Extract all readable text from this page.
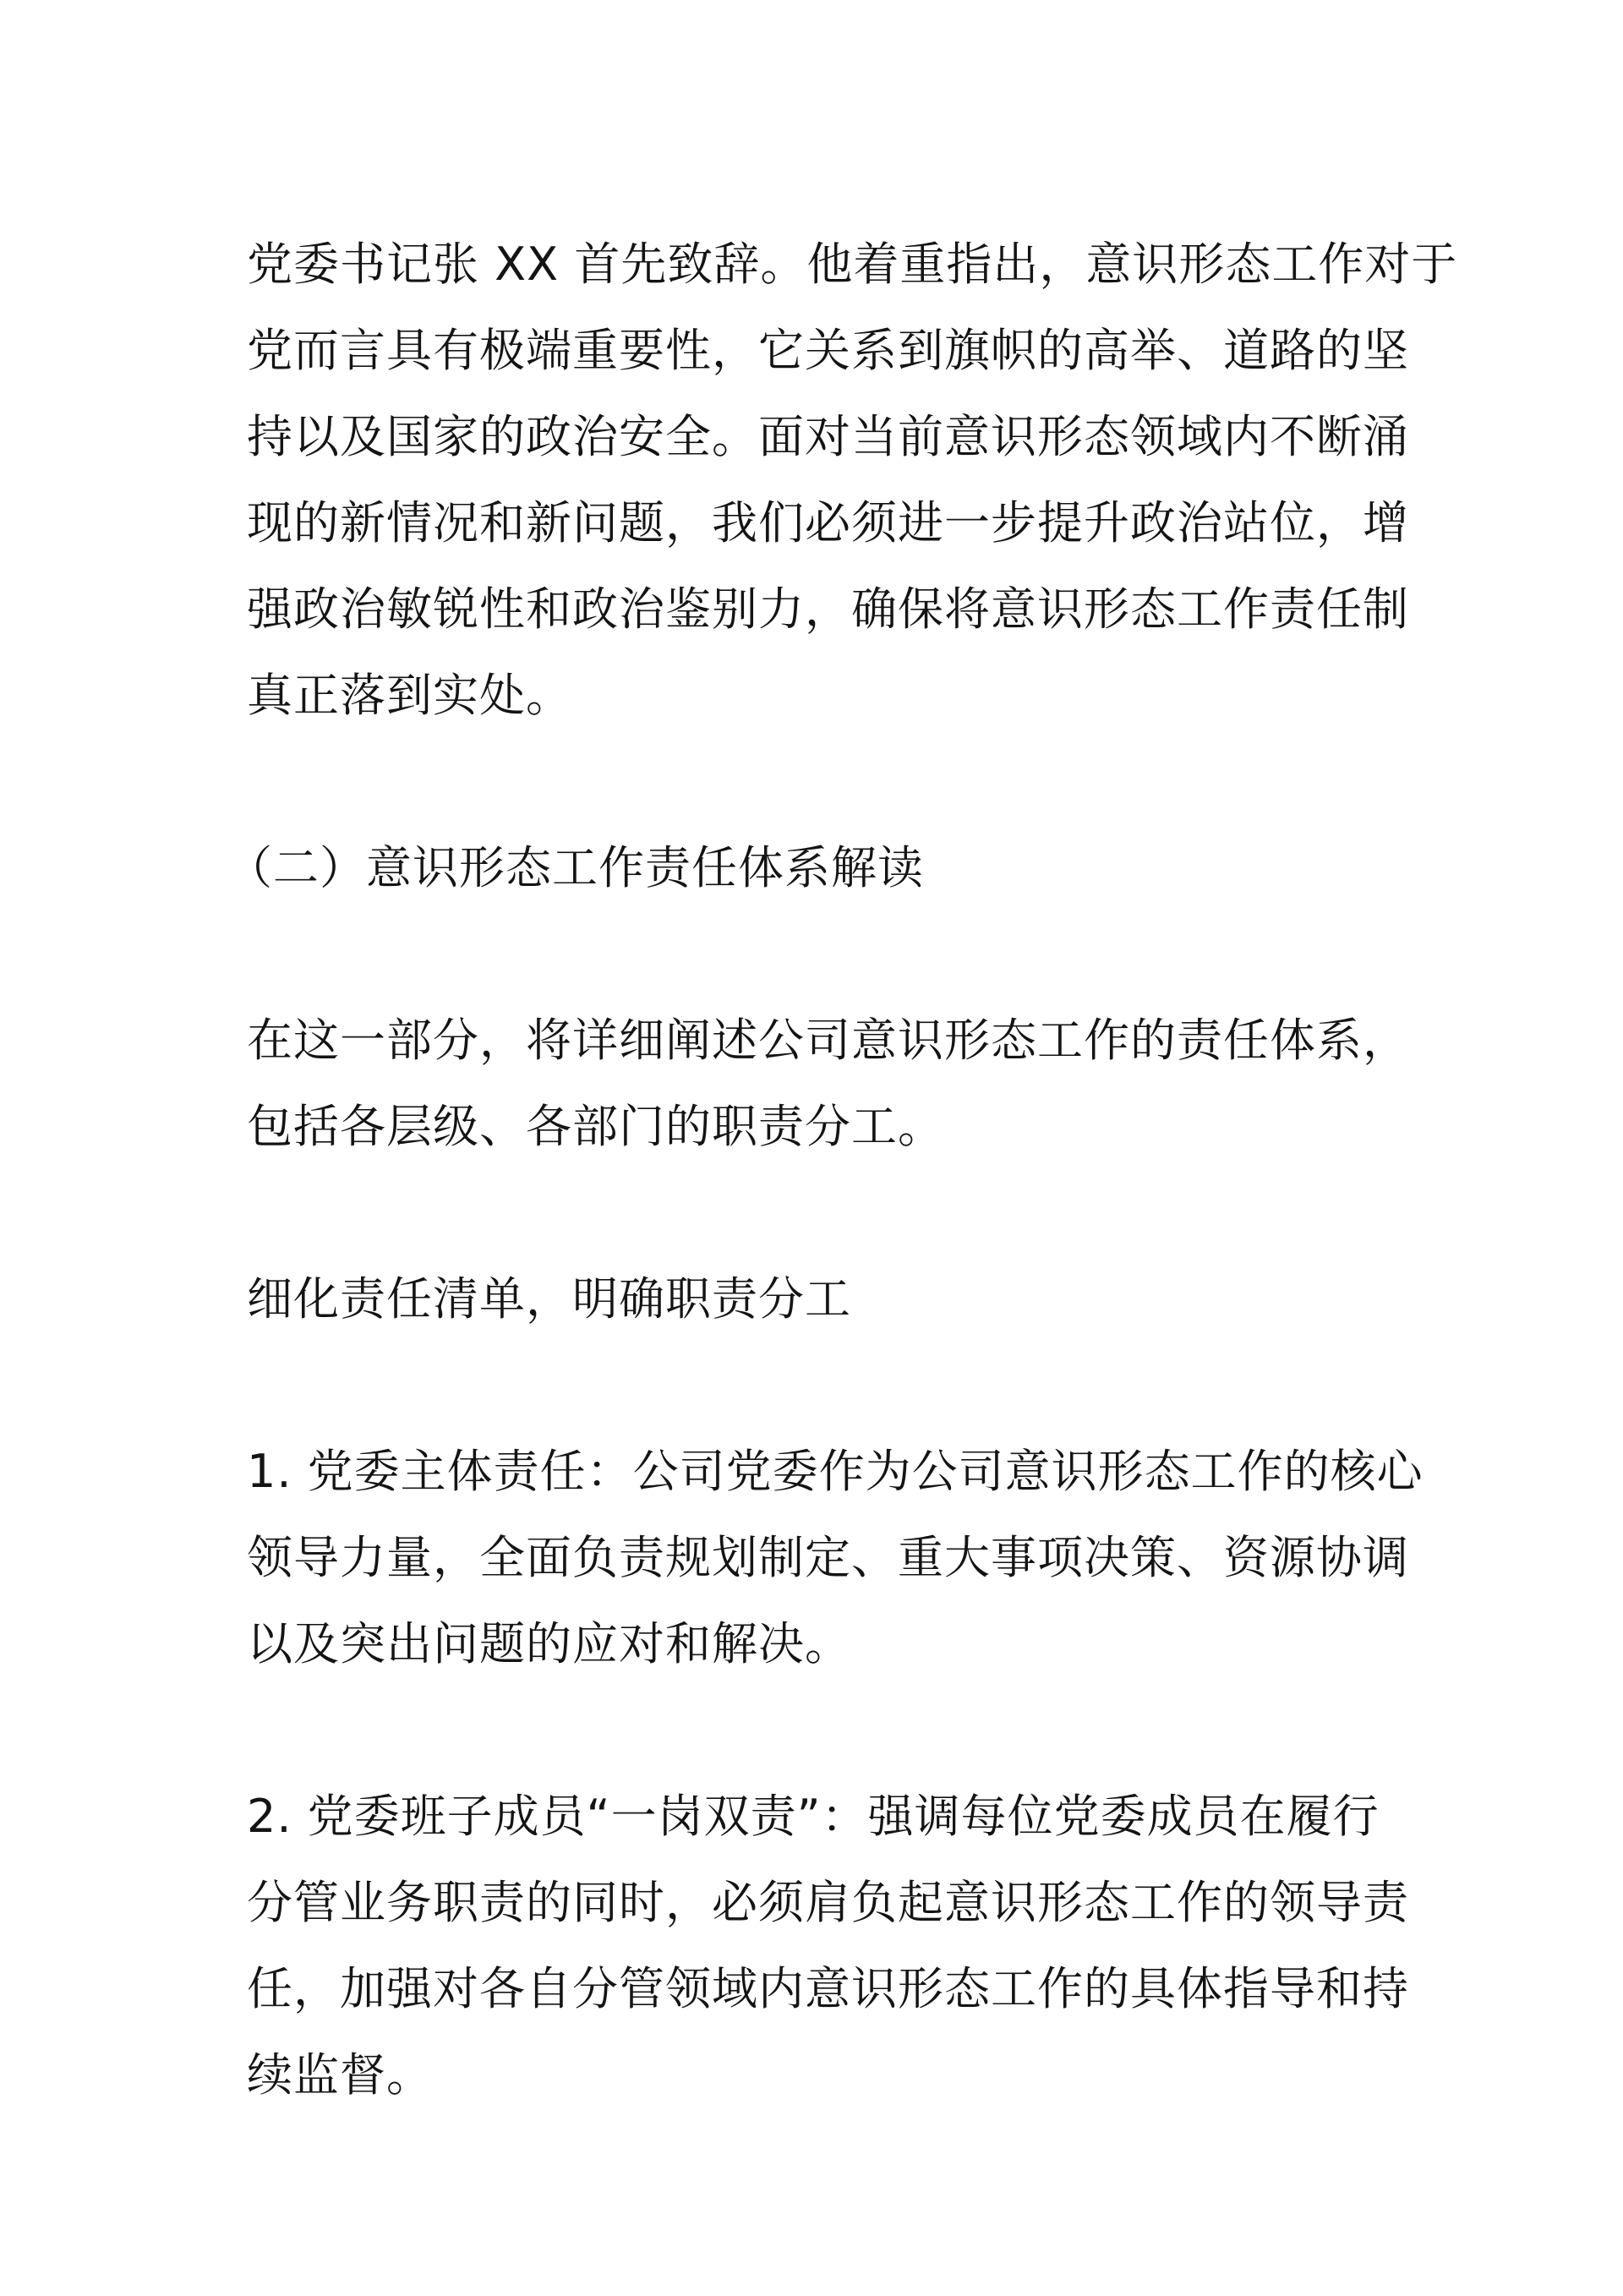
党委书记张 XX 首先致辞。他着重指出，意识形态工作对于
党而言具有极端重要性，它关系到旗帜的高举、道路的坚
持以及国家的政治安全。面对当前意识形态领域内不断涌
现的新情况和新问题，我们必须进一步提升政治站位，增
强政治敏锐性和政治鉴别力，确保将意识形态工作责任制
真正落到实处。
（二）意识形态工作责任体系解读
在这一部分，将详细阐述公司意识形态工作的责任体系，
包括各层级、各部门的职责分工。
细化责任清单，明确职责分工
1. 党委主体责任：公司党委作为公司意识形态工作的核心
领导力量，全面负责规划制定、重大事项决策、资源协调
以及突出问题的应对和解决。
2. 党委班子成员“一岗双责”：强调每位党委成员在履行
分管业务职责的同时，必须肩负起意识形态工作的领导责
任，加强对各自分管领域内意识形态工作的具体指导和持
续监督。
